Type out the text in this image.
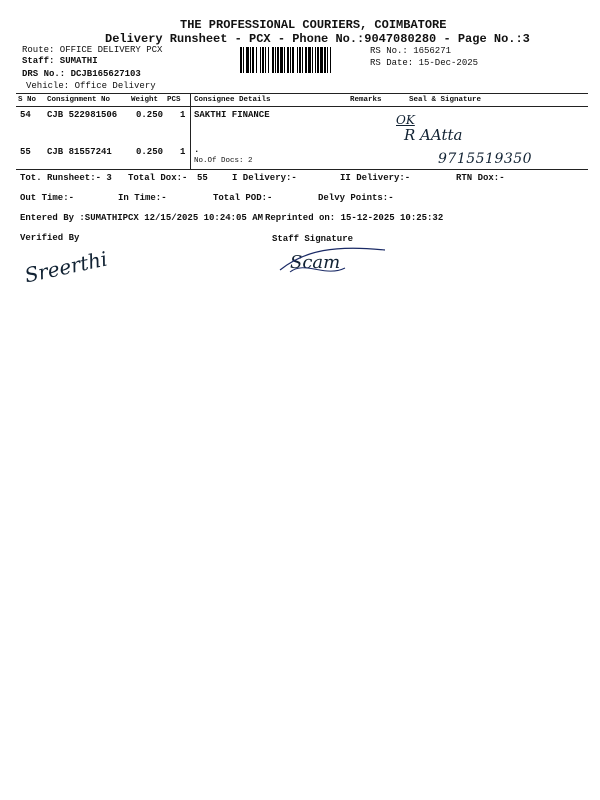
THE PROFESSIONAL COURIERS, COIMBATORE
Delivery Runsheet - PCX - Phone No.:9047080280 - Page No.:3
Route: OFFICE DELIVERY PCX
Staff: SUMATHI
DRS No.: DCJB165627103
Vehicle: Office Delivery
RS No.: 1656271
RS Date: 15-Dec-2025
S No Consignment No	Weight PCS Consignee Details	Remarks	Seal & Signature
54 CJB 522981506 0.250 1 SAKTHI FINANCE
55 CJB 81557241	0.250 1 .
No.Of Docs: 2
OK
R AAtta
9715519350
Tot. Runsheet:- 3 Total Dox:- 55	I Delivery:-	II Delivery:-	RTN Dox:-
Out Time:-	In Time:-	Total POD:-	Delvy Points:-
Entered By :SUMATHIPCX 12/15/2025 10:24:05 AM Reprinted on: 15-12-2025 10:25:32
Verified By	Staff Signature
Sreerthi	Scam
